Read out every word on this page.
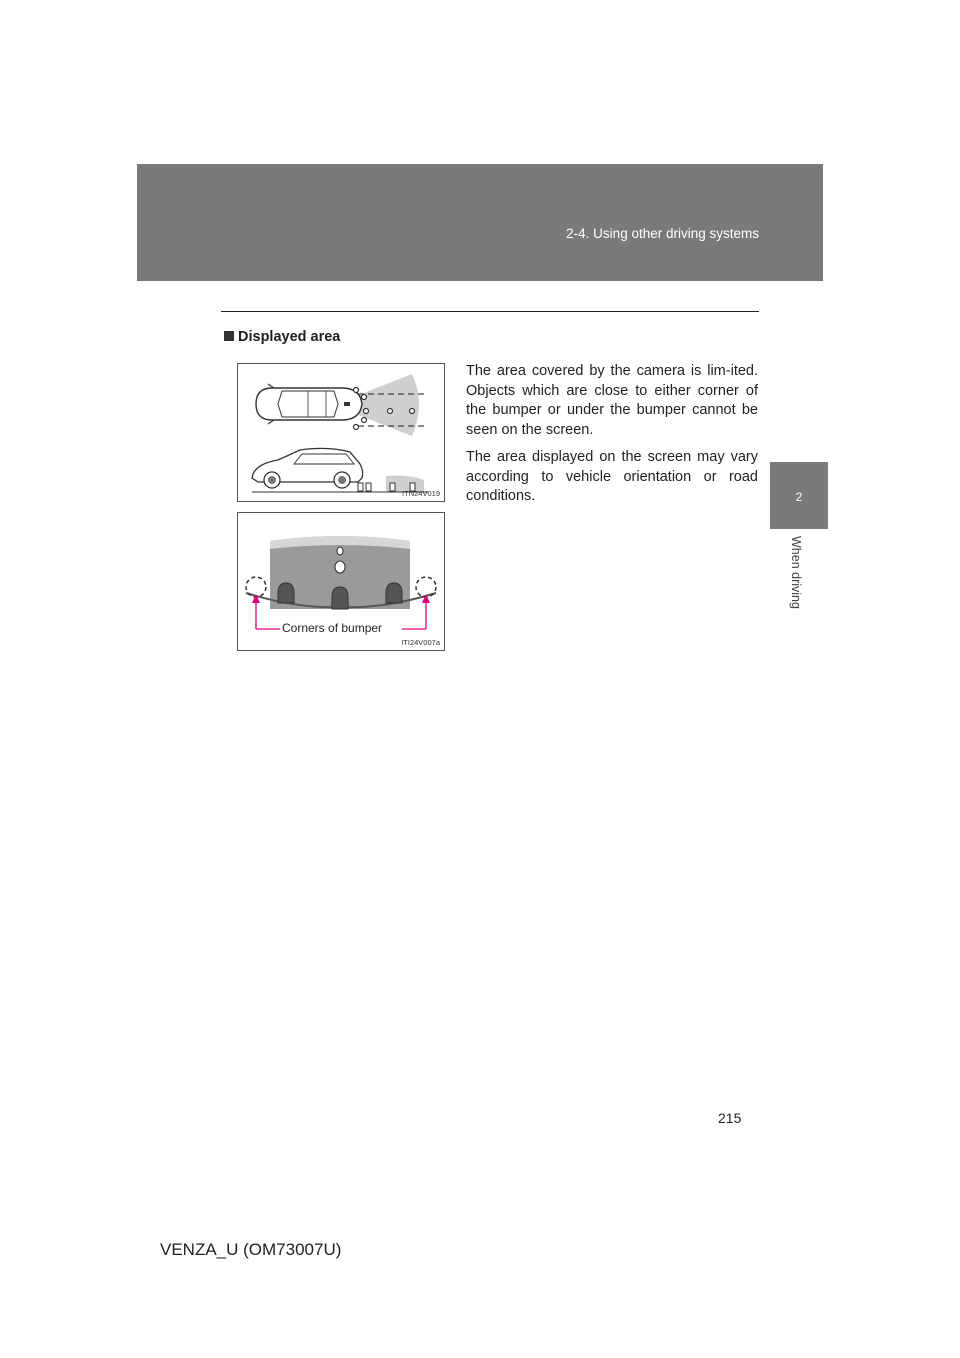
2-4. Using other driving systems
2
When driving
Displayed area
ITN24V019
Corners of bumper
ITI24V007a
The area covered by the camera is lim-ited. Objects which are close to either corner of the bumper or under the bumper cannot be seen on the screen.
The area displayed on the screen may vary according to vehicle orientation or road conditions.
215
VENZA_U (OM73007U)
